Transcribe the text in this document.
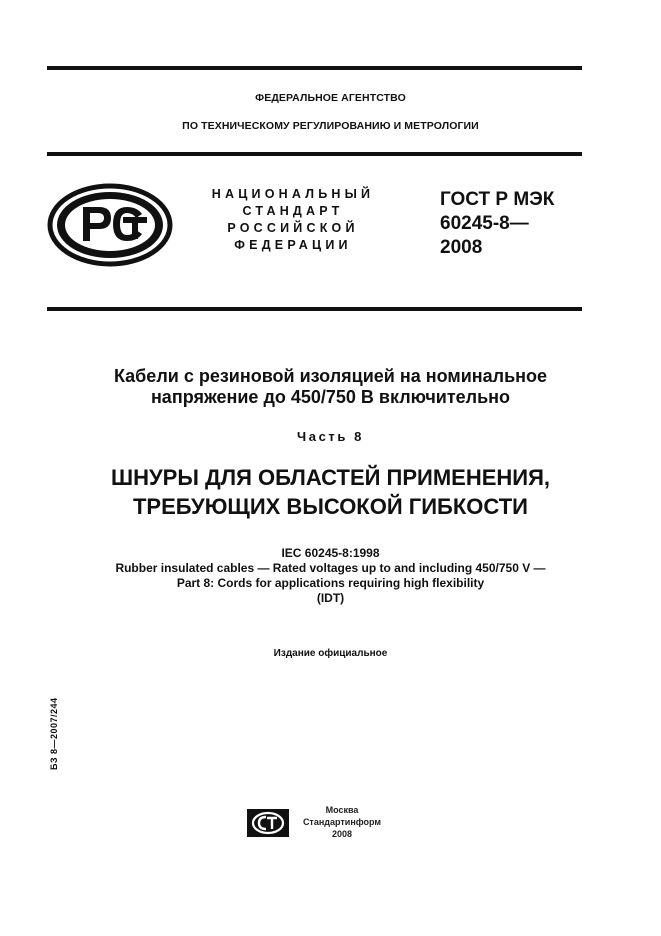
ФЕДЕРАЛЬНОЕ АГЕНТСТВО
ПО ТЕХНИЧЕСКОМУ РЕГУЛИРОВАНИЮ И МЕТРОЛОГИИ
НАЦИОНАЛЬНЫЙ
СТАНДАРТ
РОССИЙСКОЙ
ФЕДЕРАЦИИ
ГОСТ Р МЭК
60245-8—
2008
Кабели с резиновой изоляцией на номинальное
напряжение до 450/750 В включительно
Часть 8
ШНУРЫ ДЛЯ ОБЛАСТЕЙ ПРИМЕНЕНИЯ,
ТРЕБУЮЩИХ ВЫСОКОЙ ГИБКОСТИ
IEC 60245-8:1998
Rubber insulated cables — Rated voltages up to and including 450/750 V —
Part 8: Cords for applications requiring high flexibility
(IDT)
Издание официальное
БЗ 8—2007/244
Москва
Стандартинформ
2008
